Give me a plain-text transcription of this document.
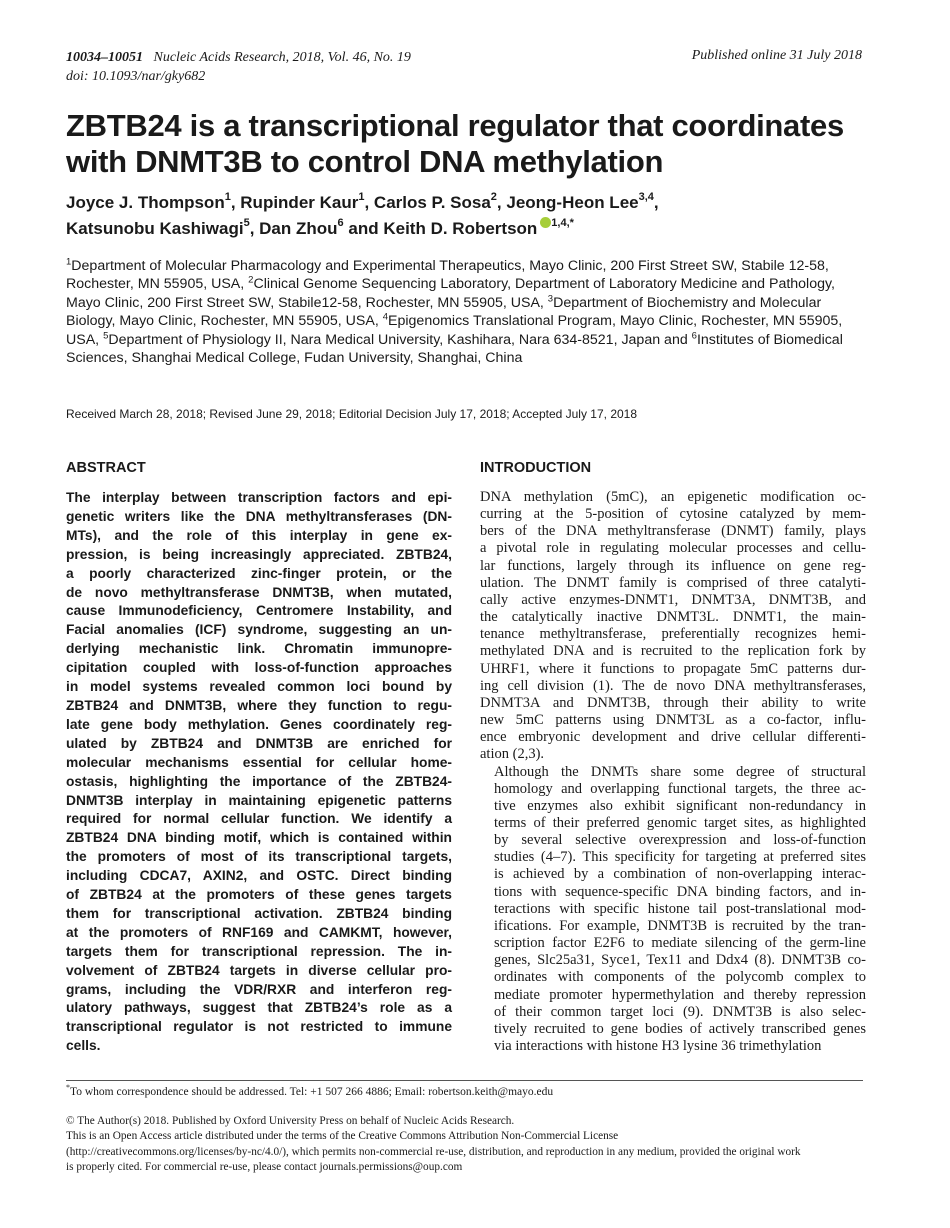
10034–10051 Nucleic Acids Research, 2018, Vol. 46, No. 19
doi: 10.1093/nar/gky682
Published online 31 July 2018
ZBTB24 is a transcriptional regulator that coordinates with DNMT3B to control DNA methylation
Joyce J. Thompson$^1$, Rupinder Kaur$^1$, Carlos P. Sosa$^2$, Jeong-Heon Lee$^{3,4}$,
Katsunobu Kashiwagi$^5$, Dan Zhou$^6$ and Keith D. Robertson $^{1,4,*}$
$^1$Department of Molecular Pharmacology and Experimental Therapeutics, Mayo Clinic, 200 First Street SW, Stabile 12-58, Rochester, MN 55905, USA, $^2$Clinical Genome Sequencing Laboratory, Department of Laboratory Medicine and Pathology, Mayo Clinic, 200 First Street SW, Stabile12-58, Rochester, MN 55905, USA, $^3$Department of Biochemistry and Molecular Biology, Mayo Clinic, Rochester, MN 55905, USA, $^4$Epigenomics Translational Program, Mayo Clinic, Rochester, MN 55905, USA, $^5$Department of Physiology II, Nara Medical University, Kashihara, Nara 634-8521, Japan and $^6$Institutes of Biomedical Sciences, Shanghai Medical College, Fudan University, Shanghai, China
Received March 28, 2018; Revised June 29, 2018; Editorial Decision July 17, 2018; Accepted July 17, 2018
ABSTRACT
The interplay between transcription factors and epi-
genetic writers like the DNA methyltransferases (DN-
MTs), and the role of this interplay in gene ex-
pression, is being increasingly appreciated. ZBTB24,
a poorly characterized zinc-finger protein, or the
de novo methyltransferase DNMT3B, when mutated,
cause Immunodeficiency, Centromere Instability, and
Facial anomalies (ICF) syndrome, suggesting an un-
derlying mechanistic link. Chromatin immunopre-
cipitation coupled with loss-of-function approaches
in model systems revealed common loci bound by
ZBTB24 and DNMT3B, where they function to regu-
late gene body methylation. Genes coordinately reg-
ulated by ZBTB24 and DNMT3B are enriched for
molecular mechanisms essential for cellular home-
ostasis, highlighting the importance of the ZBTB24-
DNMT3B interplay in maintaining epigenetic patterns
required for normal cellular function. We identify a
ZBTB24 DNA binding motif, which is contained within
the promoters of most of its transcriptional targets,
including CDCA7, AXIN2, and OSTC. Direct binding
of ZBTB24 at the promoters of these genes targets
them for transcriptional activation. ZBTB24 binding
at the promoters of RNF169 and CAMKMT, however,
targets them for transcriptional repression. The in-
volvement of ZBTB24 targets in diverse cellular pro-
grams, including the VDR/RXR and interferon reg-
ulatory pathways, suggest that ZBTB24’s role as a
transcriptional regulator is not restricted to immune
cells.
INTRODUCTION

DNA methylation (5mC), an epigenetic modification oc-
curring at the 5-position of cytosine catalyzed by mem-
bers of the DNA methyltransferase (DNMT) family, plays
a pivotal role in regulating molecular processes and cellu-
lar functions, largely through its influence on gene reg-
ulation. The DNMT family is comprised of three catalyti-
cally active enzymes-DNMT1, DNMT3A, DNMT3B, and
the catalytically inactive DNMT3L. DNMT1, the main-
tenance methyltransferase, preferentially recognizes hemi-
methylated DNA and is recruited to the replication fork by
UHRF1, where it functions to propagate 5mC patterns dur-
ing cell division (1). The de novo DNA methyltransferases,
DNMT3A and DNMT3B, through their ability to write
new 5mC patterns using DNMT3L as a co-factor, influ-
ence embryonic development and drive cellular differenti-
ation (2,3).

Although the DNMTs share some degree of structural
homology and overlapping functional targets, the three ac-
tive enzymes also exhibit significant non-redundancy in
terms of their preferred genomic target sites, as highlighted
by several selective overexpression and loss-of-function
studies (4–7). This specificity for targeting at preferred sites
is achieved by a combination of non-overlapping interac-
tions with sequence-specific DNA binding factors, and in-
teractions with specific histone tail post-translational mod-
ifications. For example, DNMT3B is recruited by the tran-
scription factor E2F6 to mediate silencing of the germ-line
genes, Slc25a31, Syce1, Tex11 and Ddx4 (8). DNMT3B co-
ordinates with components of the polycomb complex to
mediate promoter hypermethylation and thereby repression
of their common target loci (9). DNMT3B is also selec-
tively recruited to gene bodies of actively transcribed genes
via interactions with histone H3 lysine 36 trimethylation

*To whom correspondence should be addressed. Tel: +1 507 266 4886; Email: robertson.keith@mayo.edu
© The Author(s) 2018. Published by Oxford University Press on behalf of Nucleic Acids Research.
This is an Open Access article distributed under the terms of the Creative Commons Attribution Non-Commercial License
(http://creativecommons.org/licenses/by-nc/4.0/), which permits non-commercial re-use, distribution, and reproduction in any medium, provided the original work
is properly cited. For commercial re-use, please contact journals.permissions@oup.com
